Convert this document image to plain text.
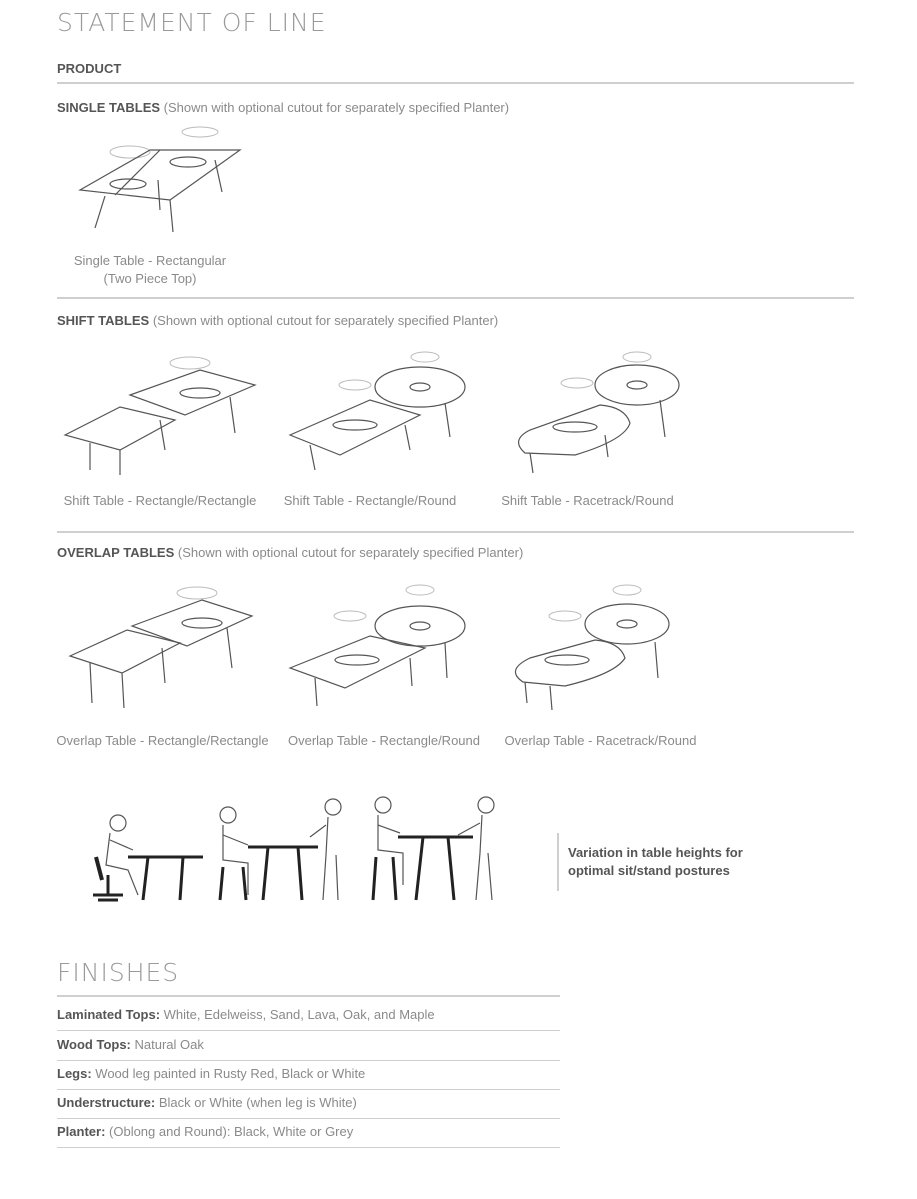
STATEMENT OF LINE
PRODUCT
SINGLE TABLES (Shown with optional cutout for separately specified Planter)
Single Table - Rectangular
(Two Piece Top)
SHIFT TABLES (Shown with optional cutout for separately specified Planter)
Shift Table - Rectangle/Rectangle	Shift Table - Rectangle/Round	Shift Table - Racetrack/Round
OVERLAP TABLES (Shown with optional cutout for separately specified Planter)
Overlap Table - Rectangle/Rectangle	Overlap Table - Rectangle/Round	Overlap Table - Racetrack/Round
Variation in table heights for
optimal sit/stand postures
FINISHES
Laminated Tops: White, Edelweiss, Sand, Lava, Oak, and Maple
Wood Tops: Natural Oak
Legs: Wood leg painted in Rusty Red, Black or White
Understructure: Black or White (when leg is White)
Planter: (Oblong and Round): Black, White or Grey
